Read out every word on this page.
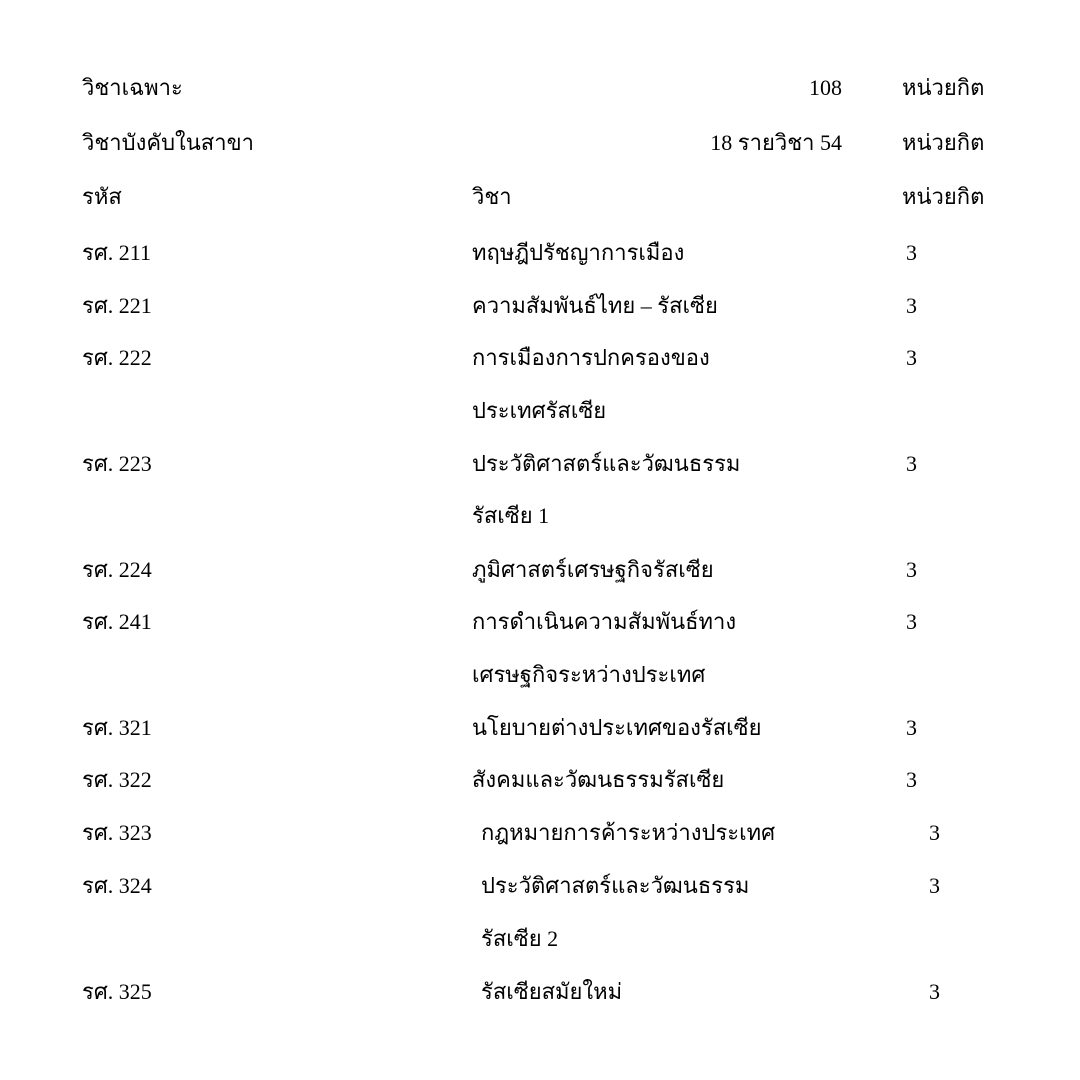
วิชาเฉพาะ	108	หน่วยกิต
วิชาบังคับในสาขา	18 รายวิชา 54	หน่วยกิต
รหัส	วิชา	หน่วยกิต
รศ. 211	ทฤษฎีปรัชญาการเมือง	3
รศ. 221	ความสัมพันธ์ไทย – รัสเซีย	3
รศ. 222	การเมืองการปกครองของ	3
ประเทศรัสเซีย
รศ. 223	ประวัติศาสตร์และวัฒนธรรม	3
รัสเซีย 1
รศ. 224	ภูมิศาสตร์เศรษฐกิจรัสเซีย	3
รศ. 241	การดำเนินความสัมพันธ์ทาง	3
เศรษฐกิจระหว่างประเทศ
รศ. 321	นโยบายต่างประเทศของรัสเซีย	3
รศ. 322	สังคมและวัฒนธรรมรัสเซีย	3
รศ. 323	กฎหมายการค้าระหว่างประเทศ	3
รศ. 324	ประวัติศาสตร์และวัฒนธรรม	3
รัสเซีย 2
รศ. 325	รัสเซียสมัยใหม่	3
